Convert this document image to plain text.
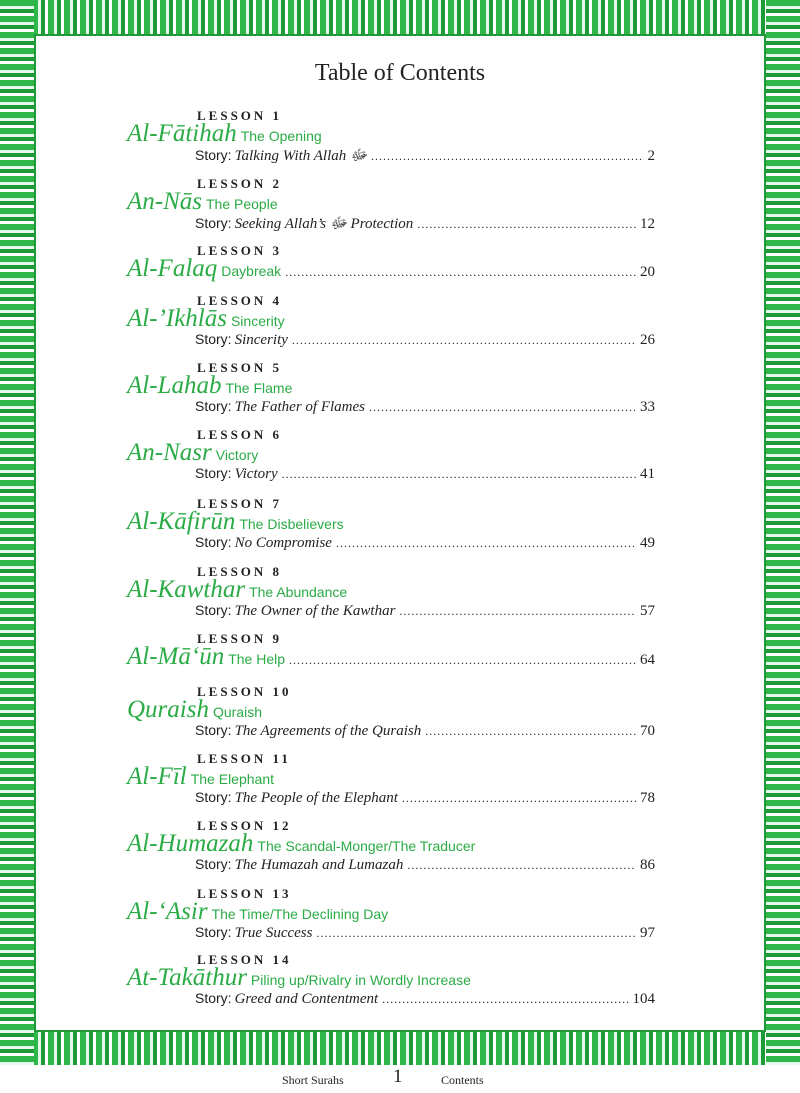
Table of Contents
LESSON 1
Al-Fātihah The Opening
Story: Talking With Allah ﷻ .....	2
LESSON 2
An-Nās The People
Story: Seeking Allah’s ﷻ Protection .....	12
LESSON 3
Al-Falaq Daybreak .....	20
LESSON 4
Al-’Ikhlās Sincerity
Story: Sincerity .....	26
LESSON 5
Al-Lahab The Flame
Story: The Father of Flames .....	33
LESSON 6
An-Nasr Victory
Story: Victory .....	41
LESSON 7
Al-Kāfirūn The Disbelievers
Story: No Compromise .....	49
LESSON 8
Al-Kawthar The Abundance
Story: The Owner of the Kawthar .....	57
LESSON 9
Al-Mā‘ūn The Help .....	64
LESSON 10
Quraish Quraish
Story: The Agreements of the Quraish .....	70
LESSON 11
Al-Fīl The Elephant
Story: The People of the Elephant .....	78
LESSON 12
Al-Humazah The Scandal-Monger/The Traducer
Story: The Humazah and Lumazah .....	86
LESSON 13
Al-‘Asir The Time/The Declining Day
Story: True Success .....	97
LESSON 14
At-Takāthur Piling up/Rivalry in Wordly Increase
Story: Greed and Contentment .....	104
Short Surahs	1	Contents
